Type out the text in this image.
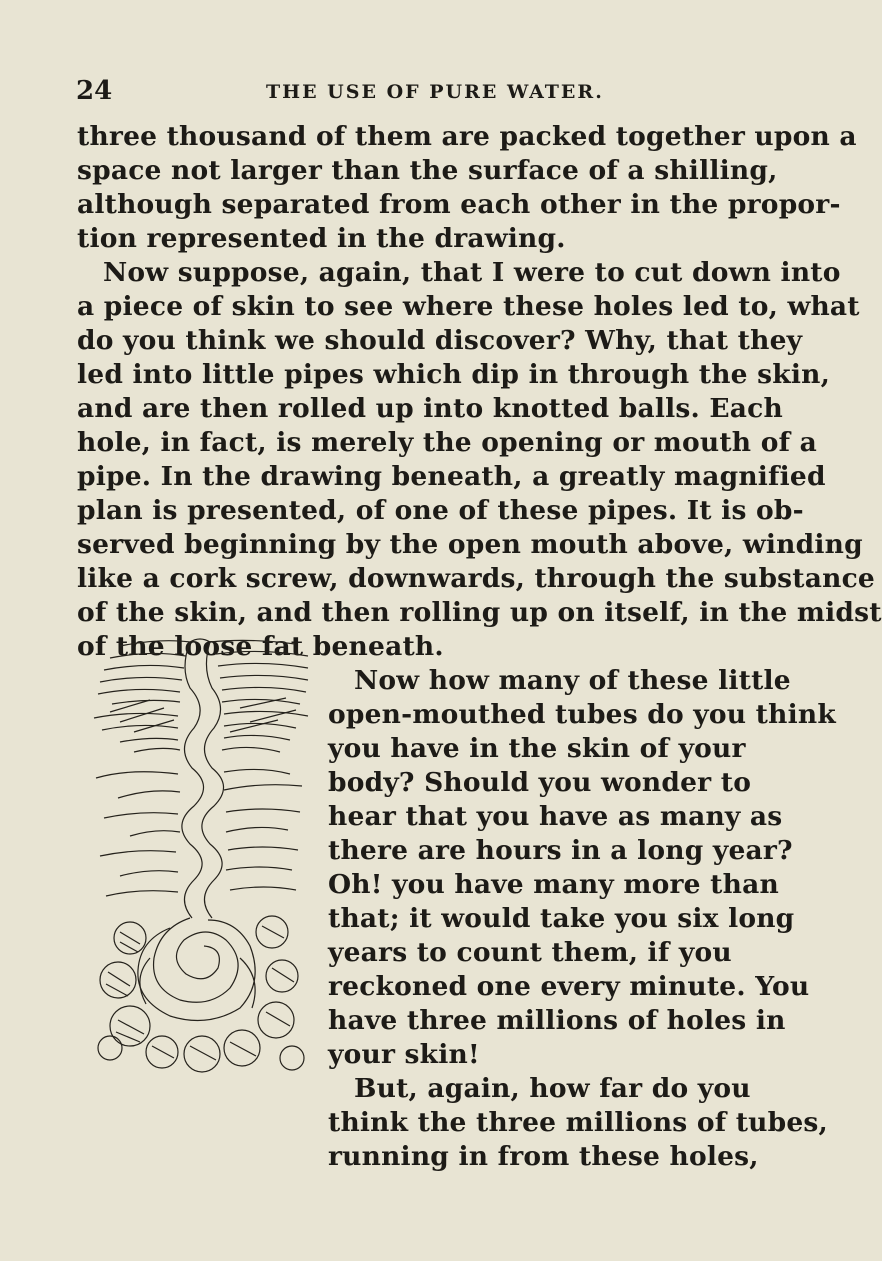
24	THE USE OF PURE WATER.
three thousand of them are packed together upon a
space not larger than the surface of a shilling,
although separated from each other in the propor-
tion represented in the drawing.
Now suppose, again, that I were to cut down into
a piece of skin to see where these holes led to, what
do you think we should discover? Why, that they
led into little pipes which dip in through the skin,
and are then rolled up into knotted balls. Each
hole, in fact, is merely the opening or mouth of a
pipe. In the drawing beneath, a greatly magnified
plan is presented, of one of these pipes. It is ob-
served beginning by the open mouth above, winding
like a cork screw, downwards, through the substance
of the skin, and then rolling up on itself, in the midst
of the loose fat beneath.
Now how many of these little
open-mouthed tubes do you think
you have in the skin of your
body? Should you wonder to
hear that you have as many as
there are hours in a long year?
Oh! you have many more than
that; it would take you six long
years to count them, if you
reckoned one every minute. You
have three millions of holes in
your skin!
But, again, how far do you
think the three millions of tubes,
running in from these holes,
